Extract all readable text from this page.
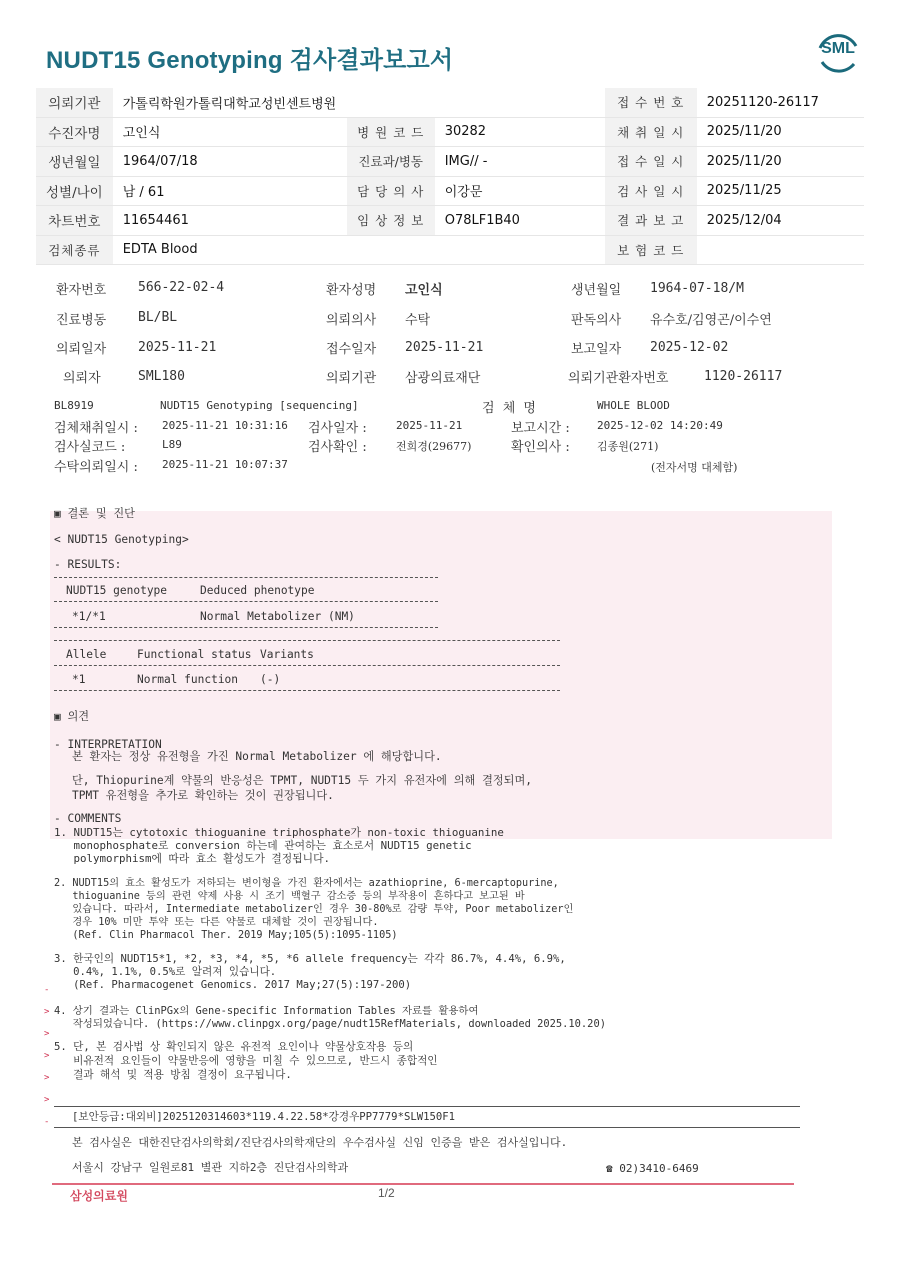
NUDT15 Genotyping 검사결과보고서	SML
의뢰기관	가톨릭학원가톨릭대학교성빈센트병원			접 수 번 호	20251120-26117
수진자명	고인식	병 원 코 드	30282	채 취 일 시	2025/11/20
생년월일	1964/07/18	진료과/병동	IMG// -	접 수 일 시	2025/11/20
성별/나이	남 / 61	담 당 의 사	이강문	검 사 일 시	2025/11/25
차트번호	11654461	임 상 정 보	O78LF1B40	결 과 보 고	2025/12/04
검체종류	EDTA Blood			보 험 코 드	
환자번호 566-22-02-4	환자성명 고인식	생년월일 1964-07-18/M
진료병동 BL/BL	의뢰의사 수탁	판독의사 유수호/김영곤/이수연
의뢰일자 2025-11-21	접수일자 2025-11-21	보고일자 2025-12-02
의뢰자	SML180	의뢰기관 삼광의료재단	의뢰기관환자번호	1120-26117
BL8919	NUDT15 Genotyping [sequencing]	검 체 명	WHOLE BLOOD
검체채취일시 : 2025-11-21 10:31:16 검사일자 :	2025-11-21	보고시간 : 2025-12-02 14:20:49
검사실코드 :	L89	검사확인 :	전희경(29677)	확인의사 : 김종원(271)
수탁의뢰일시 : 2025-11-21 10:07:37	(전자서명 대체함)
▣ 결론 및 진단
< NUDT15 Genotyping>
- RESULTS:
NUDT15 genotype	Deduced phenotype
*1/*1	Normal Metabolizer (NM)
Allele	Functional status Variants
*1	Normal function (-)
▣ 의견
- INTERPRETATION
본 환자는 정상 유전형을 가진 Normal Metabolizer 에 해당합니다.
단, Thiopurine계 약물의 반응성은 TPMT, NUDT15 두 가지 유전자에 의해 결정되며,
TPMT 유전형을 추가로 확인하는 것이 권장됩니다.
- COMMENTS
1. NUDT15는 cytotoxic thioguanine triphosphate가 non-toxic thioguanine
monophosphate로 conversion 하는데 관여하는 효소로서 NUDT15 genetic
polymorphism에 따라 효소 활성도가 결정됩니다.
2. NUDT15의 효소 활성도가 저하되는 변이형을 가진 환자에서는 azathioprine, 6-mercaptopurine,
thioguanine 등의 관련 약제 사용 시 조기 백혈구 감소증 등의 부작용이 흔하다고 보고된 바
있습니다. 따라서, Intermediate metabolizer인 경우 30-80%로 감량 투약, Poor metabolizer인
경우 10% 미만 투약 또는 다른 약물로 대체할 것이 권장됩니다.
(Ref. Clin Pharmacol Ther. 2019 May;105(5):1095-1105)
3. 한국인의 NUDT15*1, *2, *3, *4, *5, *6 allele frequency는 각각 86.7%, 4.4%, 6.9%,
0.4%, 1.1%, 0.5%로 알려져 있습니다.
(Ref. Pharmacogenet Genomics. 2017 May;27(5):197-200)
4. 상기 결과는 ClinPGx의 Gene-specific Information Tables 자료를 활용하여
작성되었습니다. (https://www.clinpgx.org/page/nudt15RefMaterials, downloaded 2025.10.20)
5. 단, 본 검사법 상 확인되지 않은 유전적 요인이나 약물상호작용 등의
비유전적 요인들이 약물반응에 영향을 미칠 수 있으므로, 반드시 종합적인
결과 해석 및 적용 방침 결정이 요구됩니다.
-

>

>

>

>

>

- [보안등급:대외비]2025120314603*119.4.22.58*강경우PP7779*SLW150F1
본 검사실은 대한진단검사의학회/진단검사의학재단의 우수검사실 신임 인증을 받은 검사실입니다.
서울시 강남구 일원로81 별관 지하2층 진단검사의학과	☎ 02)3410-6469
삼성의료원	1/2
